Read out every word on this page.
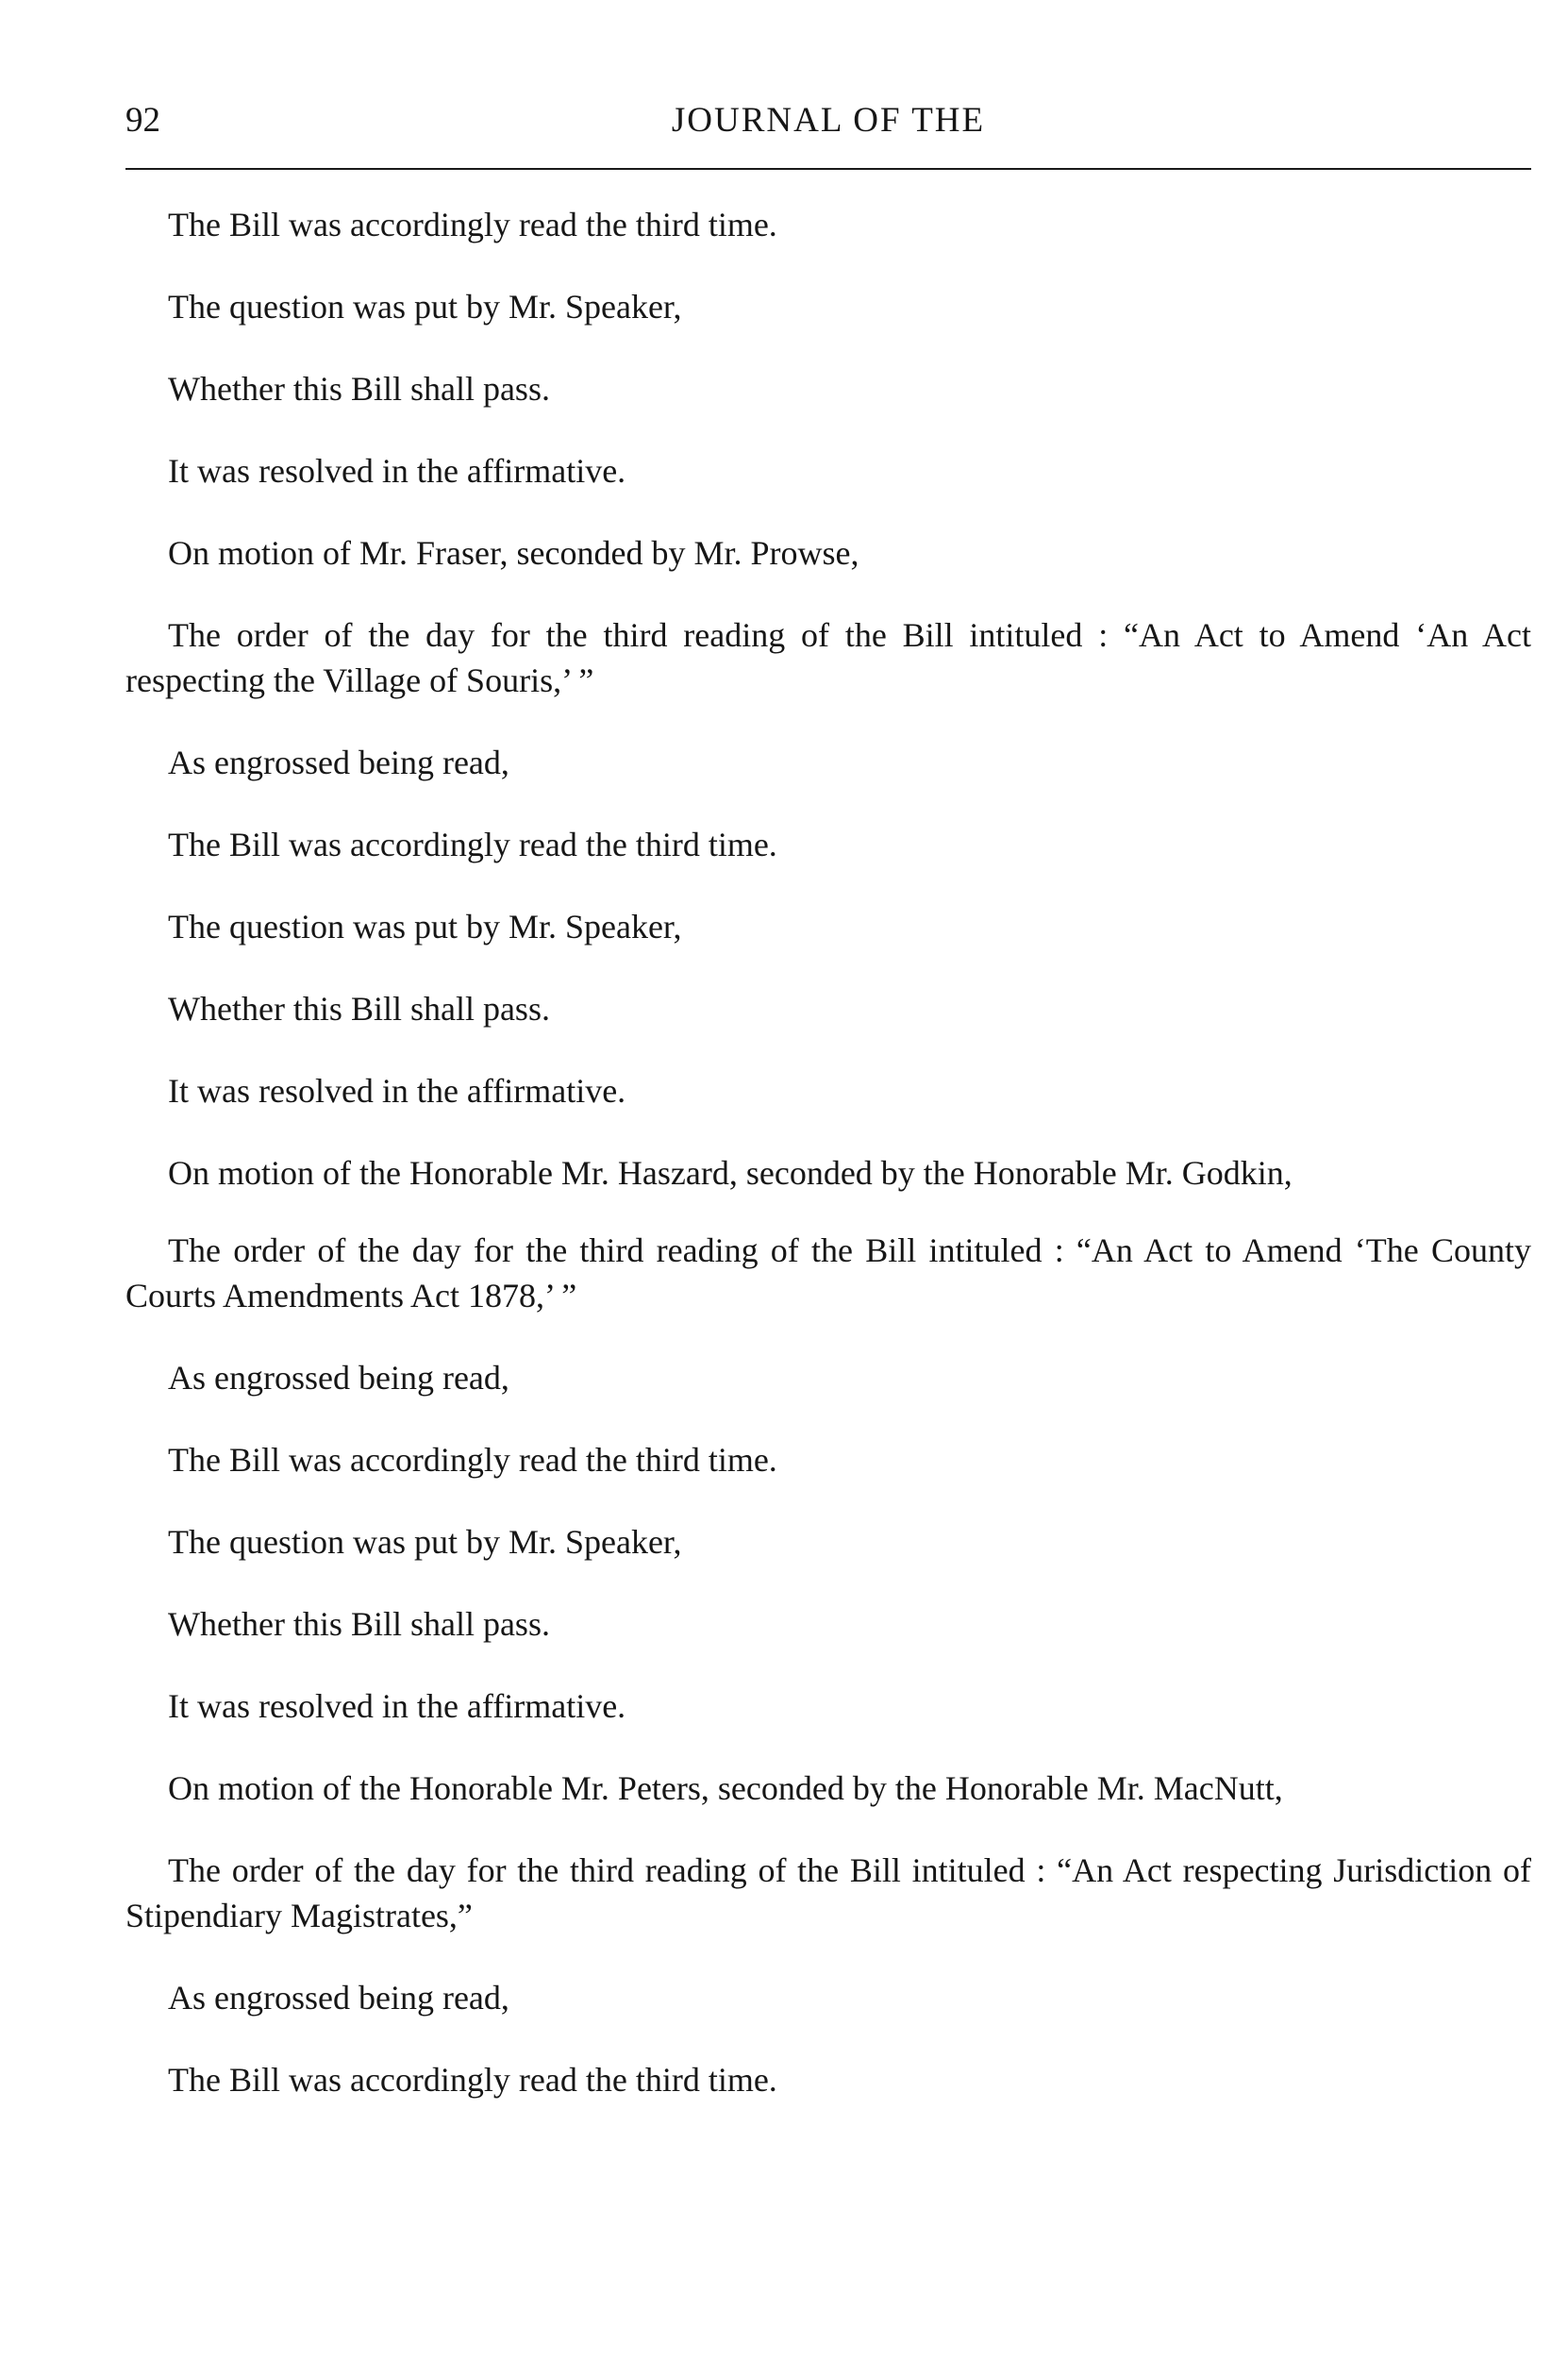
92	JOURNAL OF THE

The Bill was accordingly read the third time.

The question was put by Mr. Speaker,

Whether this Bill shall pass.

It was resolved in the affirmative.

On motion of Mr. Fraser, seconded by Mr. Prowse,

The order of the day for the third reading of the Bill intituled : “An Act to Amend ‘An Act respecting the Village of Souris,’ ”

As engrossed being read,

The Bill was accordingly read the third time.

The question was put by Mr. Speaker,

Whether this Bill shall pass.

It was resolved in the affirmative.

On motion of the Honorable Mr. Haszard, seconded by the Honorable Mr. Godkin,

The order of the day for the third reading of the Bill intituled : “An Act to Amend ‘The County Courts Amendments Act 1878,’ ”

As engrossed being read,

The Bill was accordingly read the third time.

The question was put by Mr. Speaker,

Whether this Bill shall pass.

It was resolved in the affirmative.

On motion of the Honorable Mr. Peters, seconded by the Honorable Mr. MacNutt,

The order of the day for the third reading of the Bill intituled : “An Act respecting Jurisdiction of Stipendiary Magistrates,”

As engrossed being read,

The Bill was accordingly read the third time.
